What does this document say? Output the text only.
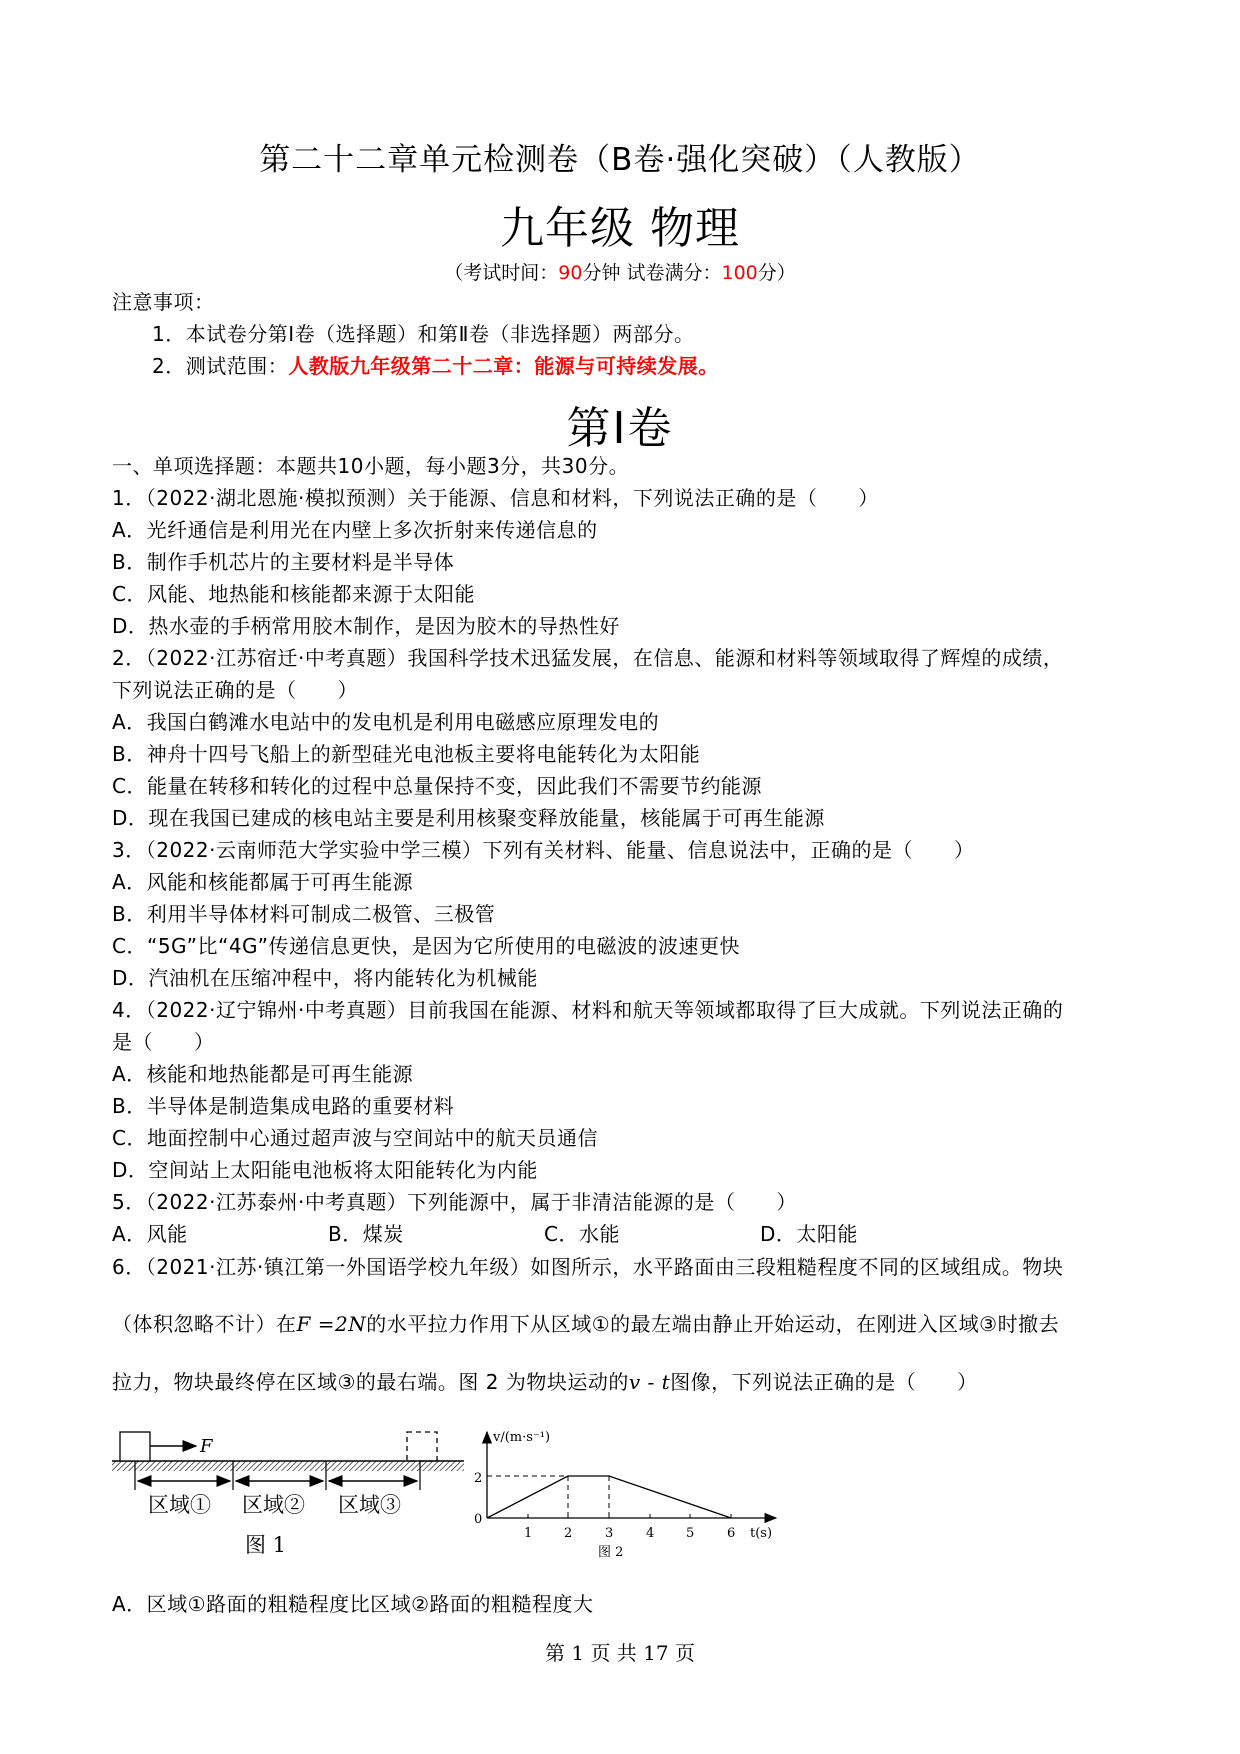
第二十二章单元检测卷（B卷·强化突破）（人教版）
九年级 物理
（考试时间：90分钟 试卷满分：100分）
注意事项：
1．本试卷分第Ⅰ卷（选择题）和第Ⅱ卷（非选择题）两部分。
2．测试范围：人教版九年级第二十二章：能源与可持续发展。
第Ⅰ卷
一、单项选择题：本题共10小题，每小题3分，共30分。
1．（2022·湖北恩施·模拟预测）关于能源、信息和材料，下列说法正确的是（　　）
A．光纤通信是利用光在内壁上多次折射来传递信息的
B．制作手机芯片的主要材料是半导体
C．风能、地热能和核能都来源于太阳能
D．热水壶的手柄常用胶木制作，是因为胶木的导热性好
2．（2022·江苏宿迁·中考真题）我国科学技术迅猛发展，在信息、能源和材料等领域取得了辉煌的成绩，
下列说法正确的是（　　）
A．我国白鹤滩水电站中的发电机是利用电磁感应原理发电的
B．神舟十四号飞船上的新型硅光电池板主要将电能转化为太阳能
C．能量在转移和转化的过程中总量保持不变，因此我们不需要节约能源
D．现在我国已建成的核电站主要是利用核聚变释放能量，核能属于可再生能源
3．（2022·云南师范大学实验中学三模）下列有关材料、能量、信息说法中，正确的是（　　）
A．风能和核能都属于可再生能源
B．利用半导体材料可制成二极管、三极管
C．“5G”比“4G”传递信息更快，是因为它所使用的电磁波的波速更快
D．汽油机在压缩冲程中，将内能转化为机械能
4．（2022·辽宁锦州·中考真题）目前我国在能源、材料和航天等领域都取得了巨大成就。下列说法正确的
是（　　）
A．核能和地热能都是可再生能源
B．半导体是制造集成电路的重要材料
C．地面控制中心通过超声波与空间站中的航天员通信
D．空间站上太阳能电池板将太阳能转化为内能
5．（2022·江苏泰州·中考真题）下列能源中，属于非清洁能源的是（　　）
A．风能	B．煤炭	C．水能	D．太阳能
6．（2021·江苏·镇江第一外国语学校九年级）如图所示，水平路面由三段粗糙程度不同的区域组成。物块
（体积忽略不计）在F =2N的水平拉力作用下从区域①的最左端由静止开始运动，在刚进入区域③时撤去
拉力，物块最终停在区域③的最右端。图 2 为物块运动的v - t图像，下列说法正确的是（　　）
F
区域① 区域② 区域③
图 1
v/(m·s⁻¹)
t(s)
2
0
1 2	3	4 5	6
图 2
A．区域①路面的粗糙程度比区域②路面的粗糙程度大
第 1 页 共 17 页
